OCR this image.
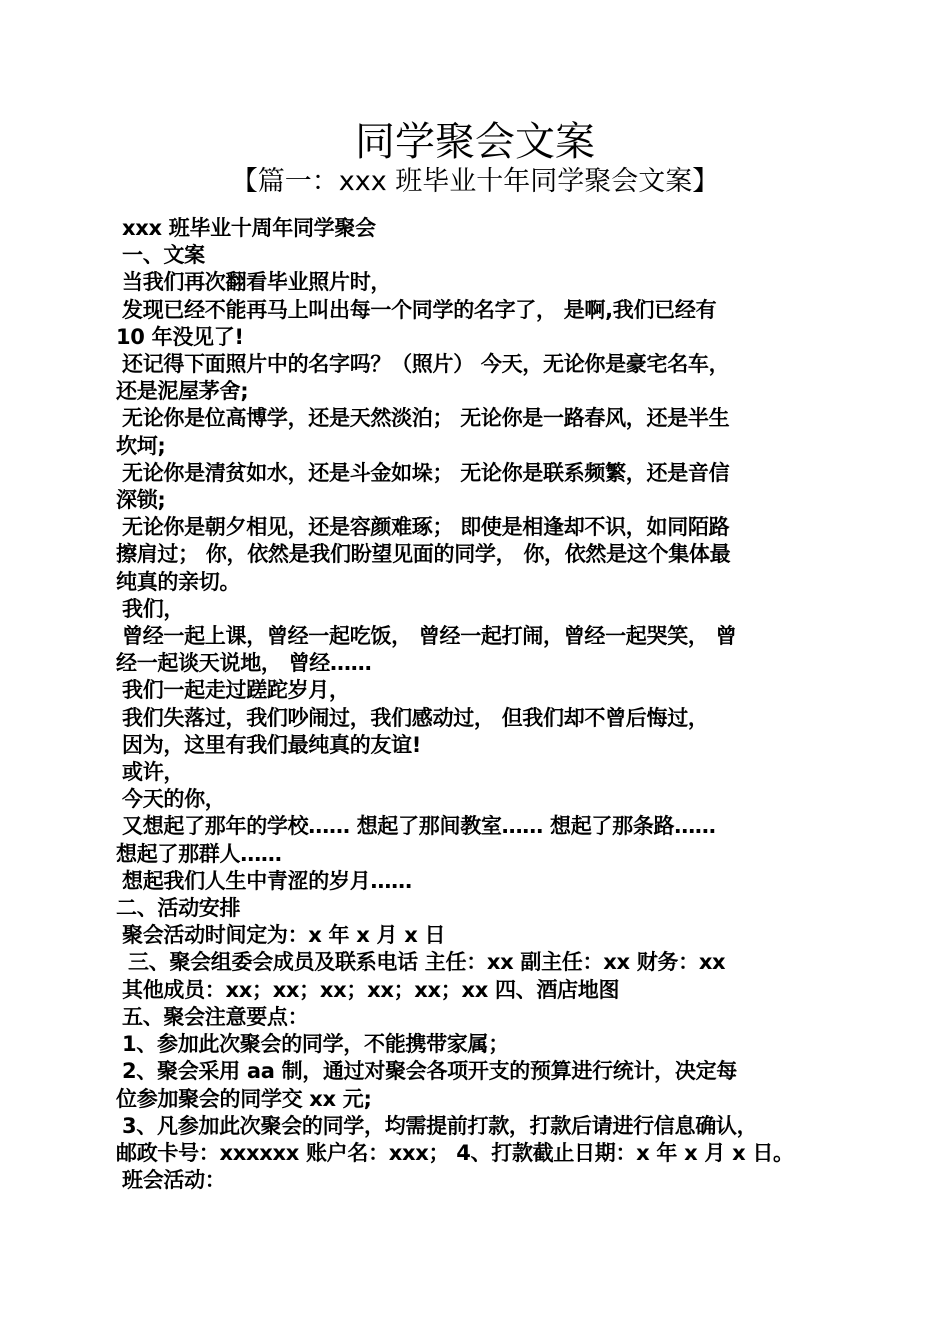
同学聚会文案
【篇一：xxx 班毕业十年同学聚会文案】
xxx 班毕业十周年同学聚会
一、文案
当我们再次翻看毕业照片时，
发现已经不能再马上叫出每一个同学的名字了， 是啊,我们已经有
10 年没见了!
还记得下面照片中的名字吗？（照片） 今天，无论你是豪宅名车，
还是泥屋茅舍;
无论你是位高博学，还是天然淡泊； 无论你是一路春风，还是半生
坎坷;
无论你是清贫如水，还是斗金如垛； 无论你是联系频繁，还是音信
深锁;
无论你是朝夕相见，还是容颜难琢； 即使是相逢却不识，如同陌路
擦肩过； 你，依然是我们盼望见面的同学， 你，依然是这个集体最
纯真的亲切。
我们，
曾经一起上课，曾经一起吃饭， 曾经一起打闹，曾经一起哭笑， 曾
经一起谈天说地， 曾经……
我们一起走过蹉跎岁月，
我们失落过，我们吵闹过，我们感动过， 但我们却不曾后悔过，
因为，这里有我们最纯真的友谊!
或许，
今天的你，
又想起了那年的学校…… 想起了那间教室…… 想起了那条路……
想起了那群人……
想起我们人生中青涩的岁月……
二、活动安排
聚会活动时间定为：x 年 x 月 x 日
三、聚会组委会成员及联系电话 主任：xx 副主任：xx 财务：xx
其他成员：xx；xx；xx；xx；xx；xx 四、酒店地图
五、聚会注意要点：
1、参加此次聚会的同学，不能携带家属；
2、聚会采用 aa 制，通过对聚会各项开支的预算进行统计，决定每
位参加聚会的同学交 xx 元;
3、凡参加此次聚会的同学，均需提前打款，打款后请进行信息确认，
邮政卡号：xxxxxx 账户名：xxx； 4、打款截止日期：x 年 x 月 x 日。
班会活动：
